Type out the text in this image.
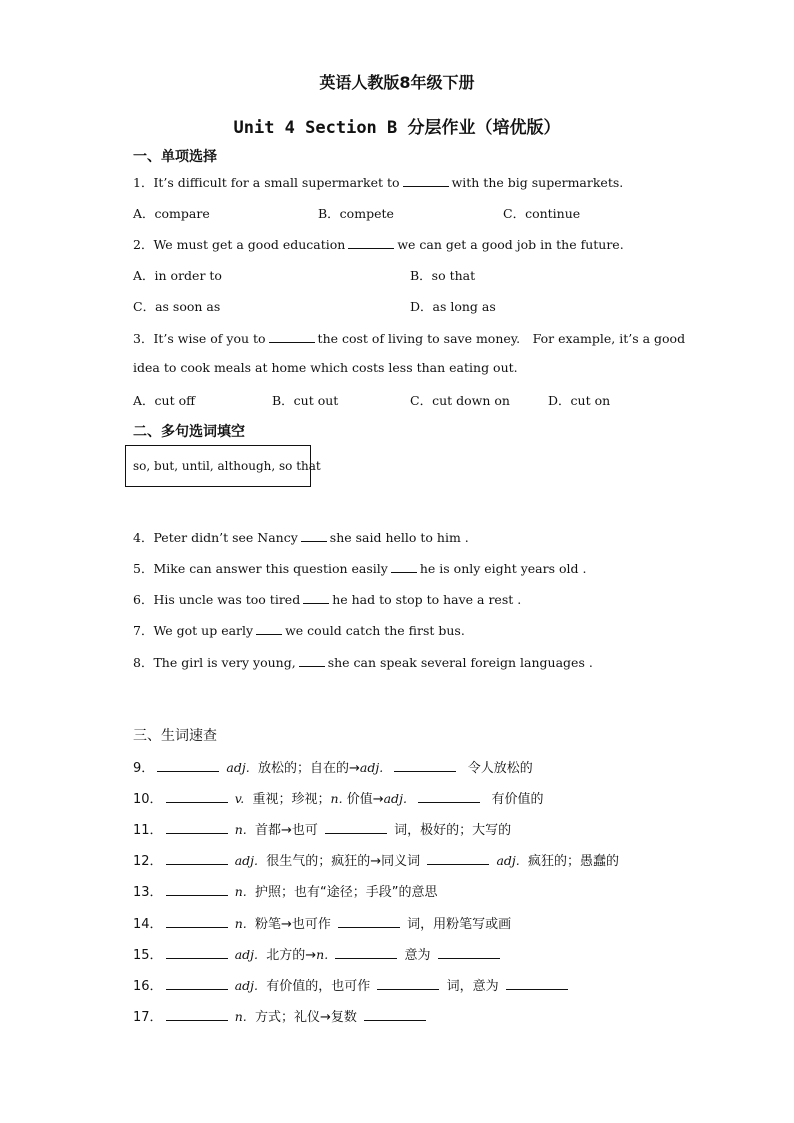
英语人教版8年级下册
Unit 4 Section B 分层作业（培优版）
一、单项选择
1．It’s difficult for a small supermarket to	with the big supermarkets.
A．compare	B．compete	C．continue
2．We must get a good education	we can get a good job in the future.
A．in order to	B．so that
C．as soon as	D．as long as
3．It’s wise of you to	the cost of living to save money.　For example, it’s a good
idea to cook meals at home which costs less than eating out.
A．cut off	B．cut out	C．cut down on	D．cut on
二、多句选词填空
so, but, until, although, so that
4．Peter didn’t see Nancy	she said hello to him .
5．Mike can answer this question easily	he is only eight years old .
6．His uncle was too tired	he had to stop to have a rest .
7．We got up early	we could catch the first bus.
8．The girl is very young,	she can speak several foreign languages .
三、生词速查
9．	adj. 放松的；自在的→adj.	令人放松的
10．	v. 重视；珍视；n. 价值→adj.	有价值的
11．	n. 首都→也可	词，极好的；大写的
12．	adj. 很生气的；疯狂的→同义词	adj. 疯狂的；愚蠢的
13．	n. 护照；也有“途径；手段”的意思
14．	n. 粉笔→也可作	词，用粉笔写或画
15．	adj. 北方的→n.	意为
16．	adj. 有价值的，也可作	词，意为
17．	n. 方式；礼仪→复数
